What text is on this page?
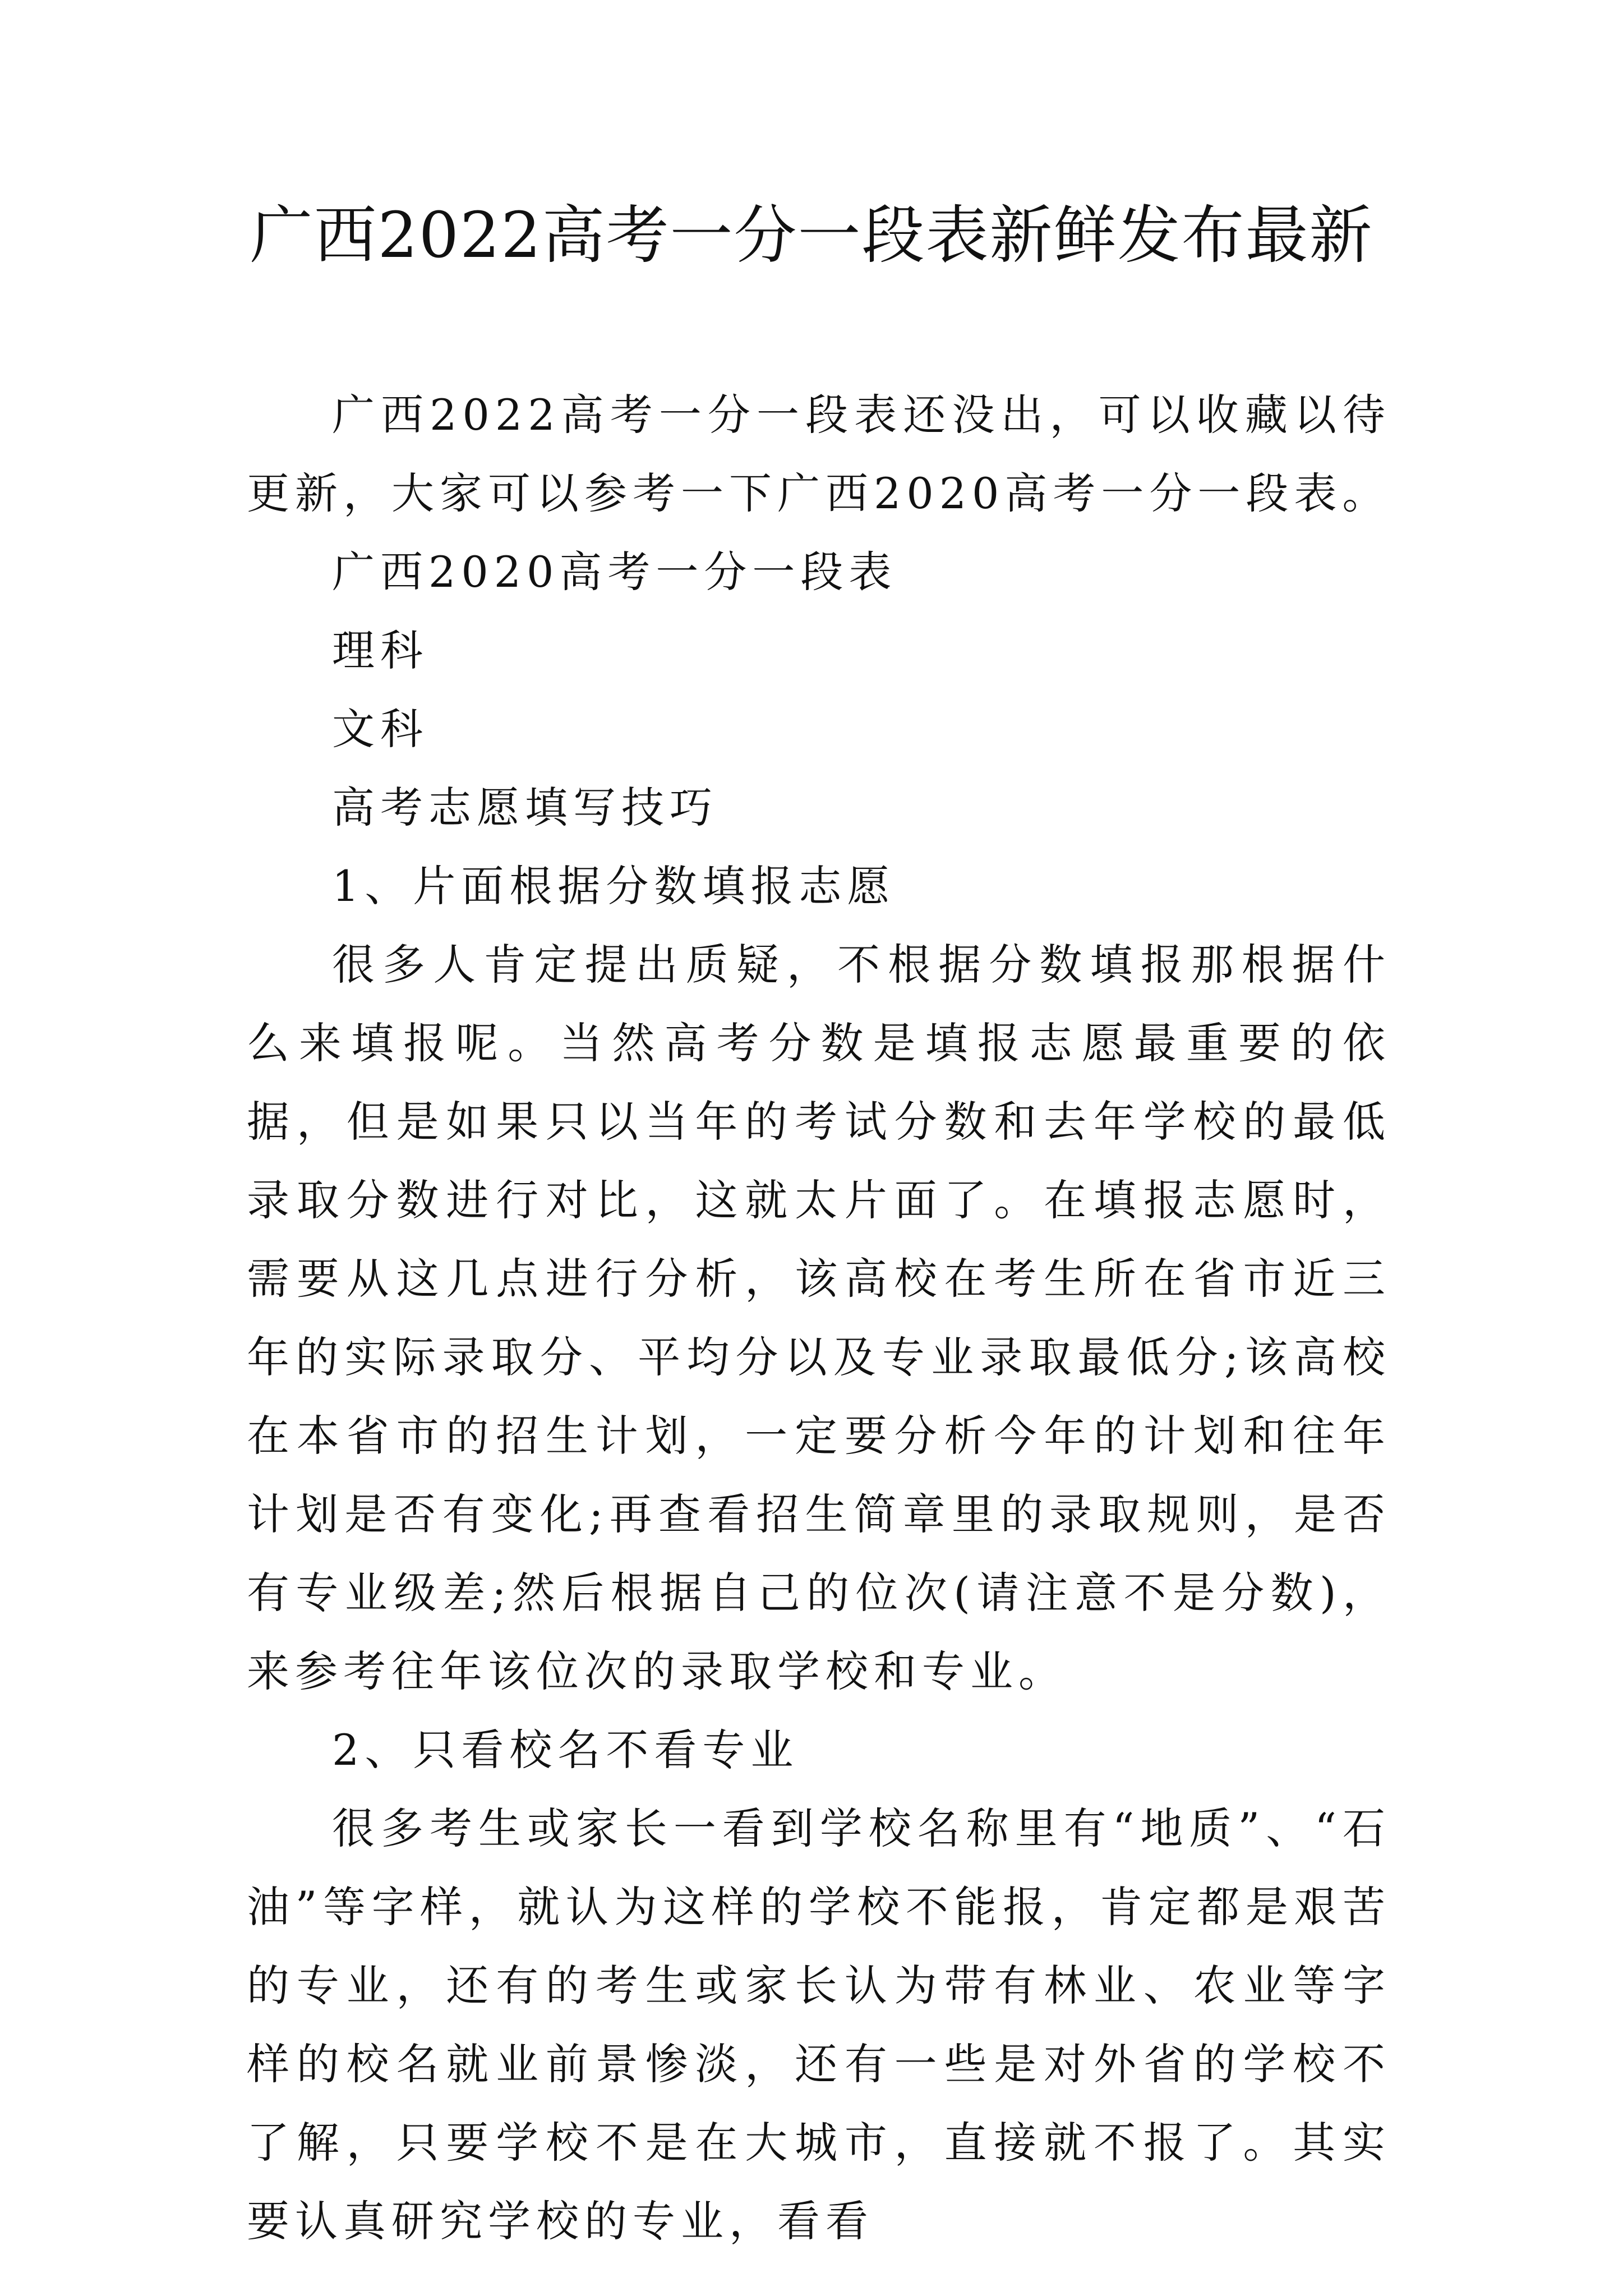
广西2022高考一分一段表新鲜发布最新

广西2022高考一分一段表还没出，可以收藏以待更新，大家可以参考一下广西2020高考一分一段表。

广西2020高考一分一段表

理科

文科

高考志愿填写技巧

1、片面根据分数填报志愿

很多人肯定提出质疑，不根据分数填报那根据什么来填报呢。当然高考分数是填报志愿最重要的依据，但是如果只以当年的考试分数和去年学校的最低录取分数进行对比，这就太片面了。在填报志愿时，需要从这几点进行分析，该高校在考生所在省市近三年的实际录取分、平均分以及专业录取最低分;该高校在本省市的招生计划，一定要分析今年的计划和往年计划是否有变化;再查看招生简章里的录取规则，是否有专业级差;然后根据自己的位次(请注意不是分数)，来参考往年该位次的录取学校和专业。

2、只看校名不看专业

很多考生或家长一看到学校名称里有“地质”、“石油”等字样，就认为这样的学校不能报，肯定都是艰苦的专业，还有的考生或家长认为带有林业、农业等字样的校名就业前景惨淡，还有一些是对外省的学校不了解，只要学校不是在大城市，直接就不报了。其实要认真研究学校的专业，看看
